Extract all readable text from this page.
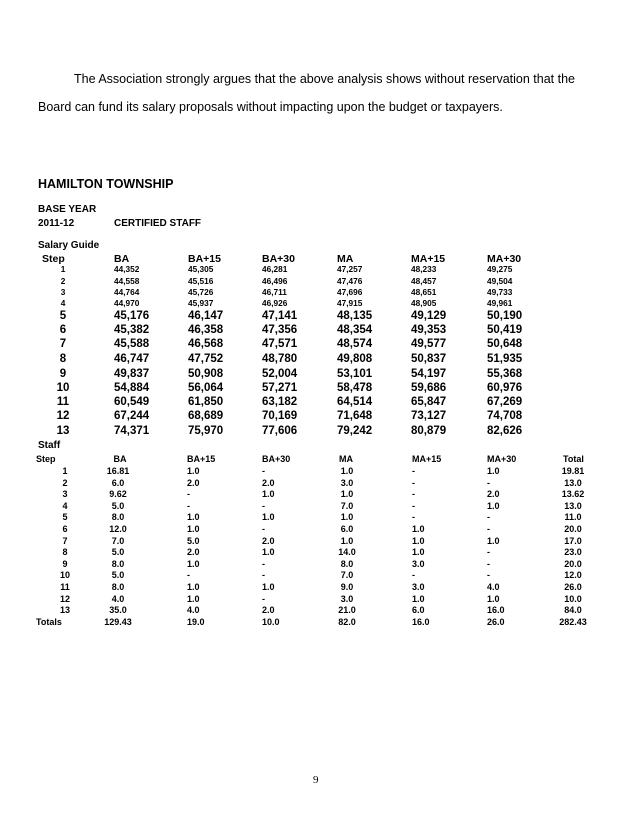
The Association strongly argues that the above analysis shows without reservation that the
Board can fund its salary proposals without impacting upon the budget or taxpayers.
HAMILTON TOWNSHIP
BASE YEAR
2011-12	CERTIFIED STAFF
Salary Guide
Step	BA	BA+15	BA+30	MA	MA+15	MA+30
1	44,352	45,305	46,281	47,257	48,233	49,275
2	44,558	45,516	46,496	47,476	48,457	49,504
3	44,764	45,726	46,711	47,696	48,651	49,733
4	44,970	45,937	46,926	47,915	48,905	49,961
5	45,176	46,147	47,141	48,135	49,129	50,190
6	45,382	46,358	47,356	48,354	49,353	50,419
7	45,588	46,568	47,571	48,574	49,577	50,648
8	46,747	47,752	48,780	49,808	50,837	51,935
9	49,837	50,908	52,004	53,101	54,197	55,368
10	54,884	56,064	57,271	58,478	59,686	60,976
11	60,549	61,850	63,182	64,514	65,847	67,269
12	67,244	68,689	70,169	71,648	73,127	74,708
13	74,371	75,970	77,606	79,242	80,879	82,626
Staff
Step	BA	BA+15	BA+30	MA	MA+15	MA+30	Total
1	16.81	1.0	-	1.0	-	1.0	19.81
2	6.0	2.0	2.0	3.0	-	-	13.0
3	9.62	-	1.0	1.0	-	2.0	13.62
4	5.0	-	-	7.0	-	1.0	13.0
5	8.0	1.0	1.0	1.0	-	-	11.0
6	12.0	1.0	-	6.0	1.0	-	20.0
7	7.0	5.0	2.0	1.0	1.0	1.0	17.0
8	5.0	2.0	1.0	14.0	1.0	-	23.0
9	8.0	1.0	-	8.0	3.0	-	20.0
10	5.0	-	-	7.0	-	-	12.0
11	8.0	1.0	1.0	9.0	3.0	4.0	26.0
12	4.0	1.0	-	3.0	1.0	1.0	10.0
13	35.0	4.0	2.0	21.0	6.0	16.0	84.0
Totals	129.43	19.0	10.0	82.0	16.0	26.0	282.43
9
